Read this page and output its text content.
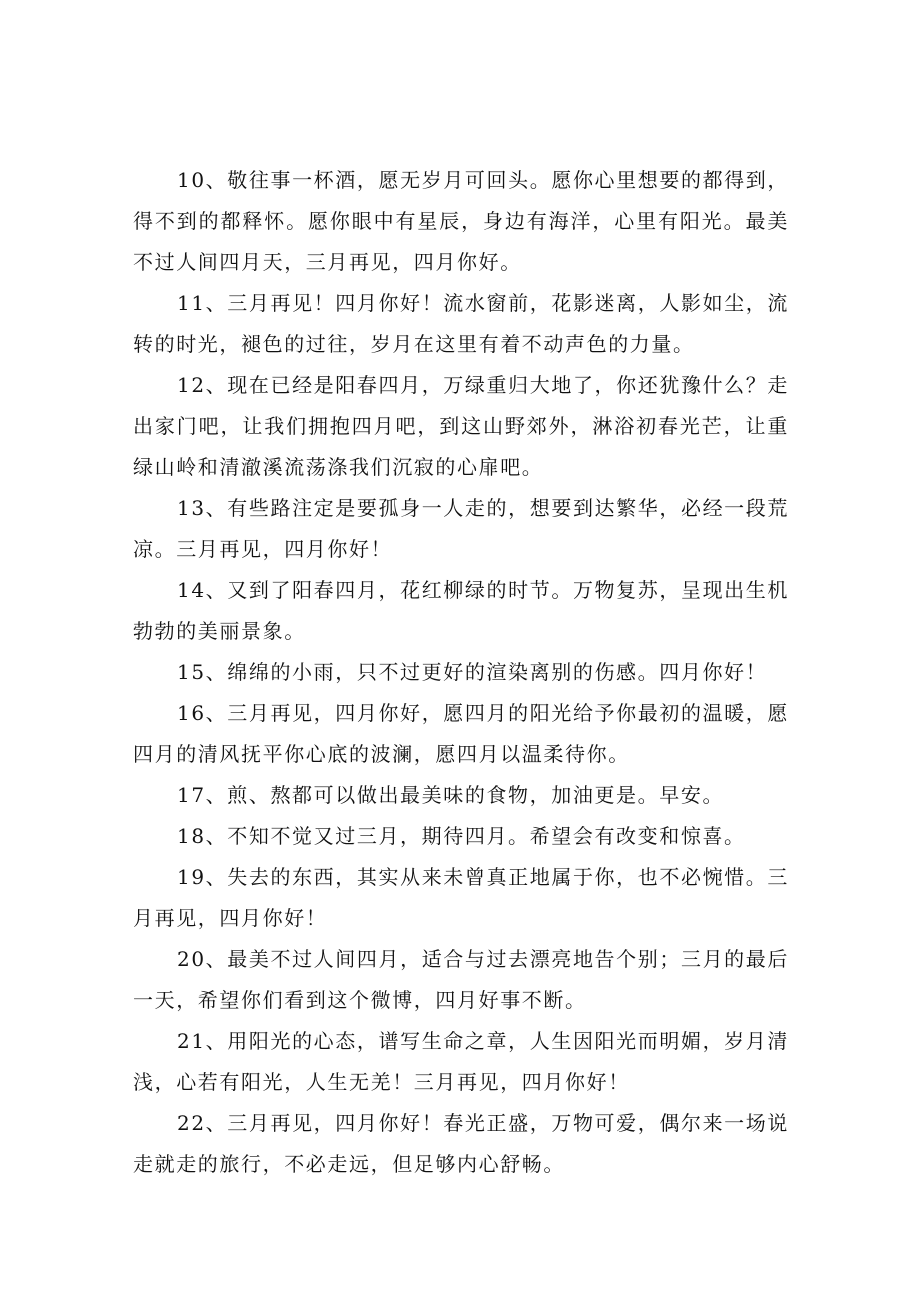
10、敬往事一杯酒，愿无岁月可回头。愿你心里想要的都得到，得不到的都释怀。愿你眼中有星辰，身边有海洋，心里有阳光。最美不过人间四月天，三月再见，四月你好。

11、三月再见！四月你好！流水窗前，花影迷离，人影如尘，流转的时光，褪色的过往，岁月在这里有着不动声色的力量。

12、现在已经是阳春四月，万绿重归大地了，你还犹豫什么？走出家门吧，让我们拥抱四月吧，到这山野郊外，淋浴初春光芒，让重绿山岭和清澈溪流荡涤我们沉寂的心扉吧。

13、有些路注定是要孤身一人走的，想要到达繁华，必经一段荒凉。三月再见，四月你好！

14、又到了阳春四月，花红柳绿的时节。万物复苏，呈现出生机勃勃的美丽景象。

15、绵绵的小雨，只不过更好的渲染离别的伤感。四月你好！

16、三月再见，四月你好，愿四月的阳光给予你最初的温暖，愿四月的清风抚平你心底的波澜，愿四月以温柔待你。

17、煎、熬都可以做出最美味的食物，加油更是。早安。

18、不知不觉又过三月，期待四月。希望会有改变和惊喜。

19、失去的东西，其实从来未曾真正地属于你，也不必惋惜。三月再见，四月你好！

20、最美不过人间四月，适合与过去漂亮地告个别；三月的最后一天，希望你们看到这个微博，四月好事不断。

21、用阳光的心态，谱写生命之章，人生因阳光而明媚，岁月清浅，心若有阳光，人生无羌！三月再见，四月你好！

22、三月再见，四月你好！春光正盛，万物可爱，偶尔来一场说走就走的旅行，不必走远，但足够内心舒畅。
